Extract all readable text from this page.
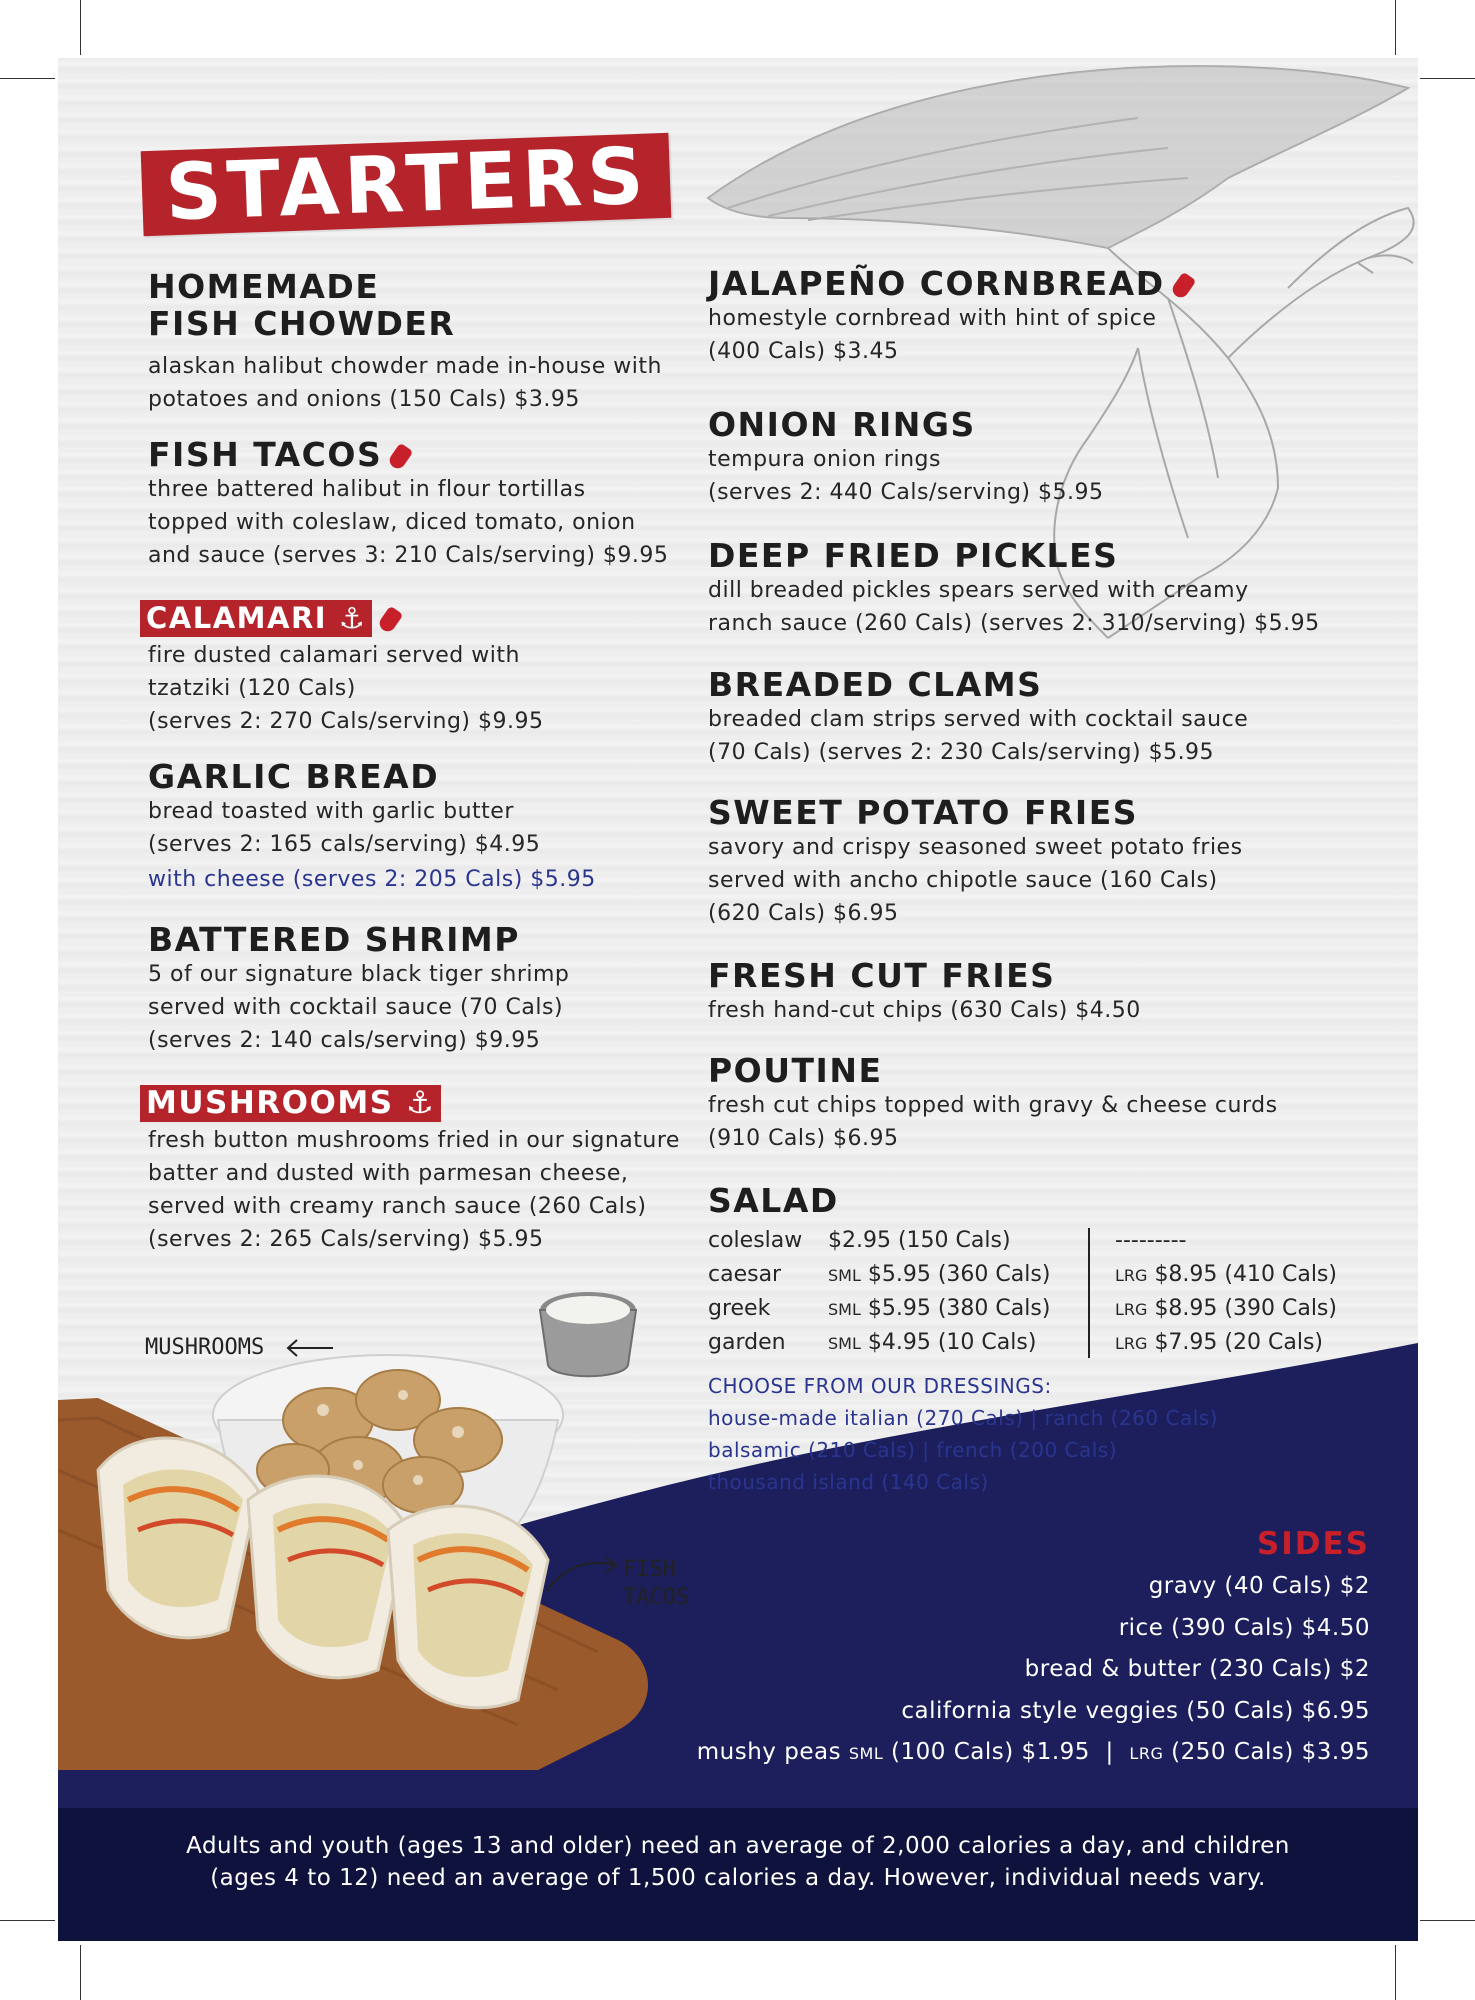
STARTERS
HOMEMADE
FISH CHOWDER
alaskan halibut chowder made in-house with
potatoes and onions (150 Cals) $3.95
FISH TACOS
three battered halibut in flour tortillas
topped with coleslaw, diced tomato, onion
and sauce (serves 3: 210 Cals/serving) $9.95
CALAMARI ⚓
fire dusted calamari served with
tzatziki (120 Cals)
(serves 2: 270 Cals/serving) $9.95
GARLIC BREAD
bread toasted with garlic butter
(serves 2: 165 cals/serving) $4.95
with cheese (serves 2: 205 Cals) $5.95
BATTERED SHRIMP
5 of our signature black tiger shrimp
served with cocktail sauce (70 Cals)
(serves 2: 140 cals/serving) $9.95
MUSHROOMS ⚓
fresh button mushrooms fried in our signature
batter and dusted with parmesan cheese,
served with creamy ranch sauce (260 Cals)
(serves 2: 265 Cals/serving) $5.95
JALAPEÑO CORNBREAD
homestyle cornbread with hint of spice
(400 Cals) $3.45
ONION RINGS
tempura onion rings
(serves 2: 440 Cals/serving) $5.95
DEEP FRIED PICKLES
dill breaded pickles spears served with creamy
ranch sauce (260 Cals) (serves 2: 310/serving) $5.95
BREADED CLAMS
breaded clam strips served with cocktail sauce
(70 Cals) (serves 2: 230 Cals/serving) $5.95
SWEET POTATO FRIES
savory and crispy seasoned sweet potato fries
served with ancho chipotle sauce (160 Cals)
(620 Cals) $6.95
FRESH CUT FRIES
fresh hand-cut chips (630 Cals) $4.50
POUTINE
fresh cut chips topped with gravy & cheese curds
(910 Cals) $6.95
SALAD
coleslaw $2.95 (150 Cals)	---------
caesar	SML $5.95 (360 Cals)	LRG $8.95 (410 Cals)
greek	SML $5.95 (380 Cals)	LRG $8.95 (390 Cals)
garden	SML $4.95 (10 Cals)	LRG $7.95 (20 Cals)
CHOOSE FROM OUR DRESSINGS:
house-made italian (270 Cals) | ranch (260 Cals)
balsamic (210 Cals) | french (200 Cals)
thousand island (140 Cals)
MUSHROOMS
FISH
TACOS
SIDES
gravy (40 Cals) $2
rice (390 Cals) $4.50
bread & butter (230 Cals) $2
california style veggies (50 Cals) $6.95
mushy peas SML (100 Cals) $1.95  |  LRG (250 Cals) $3.95
Adults and youth (ages 13 and older) need an average of 2,000 calories a day, and children
(ages 4 to 12) need an average of 1,500 calories a day. However, individual needs vary.
